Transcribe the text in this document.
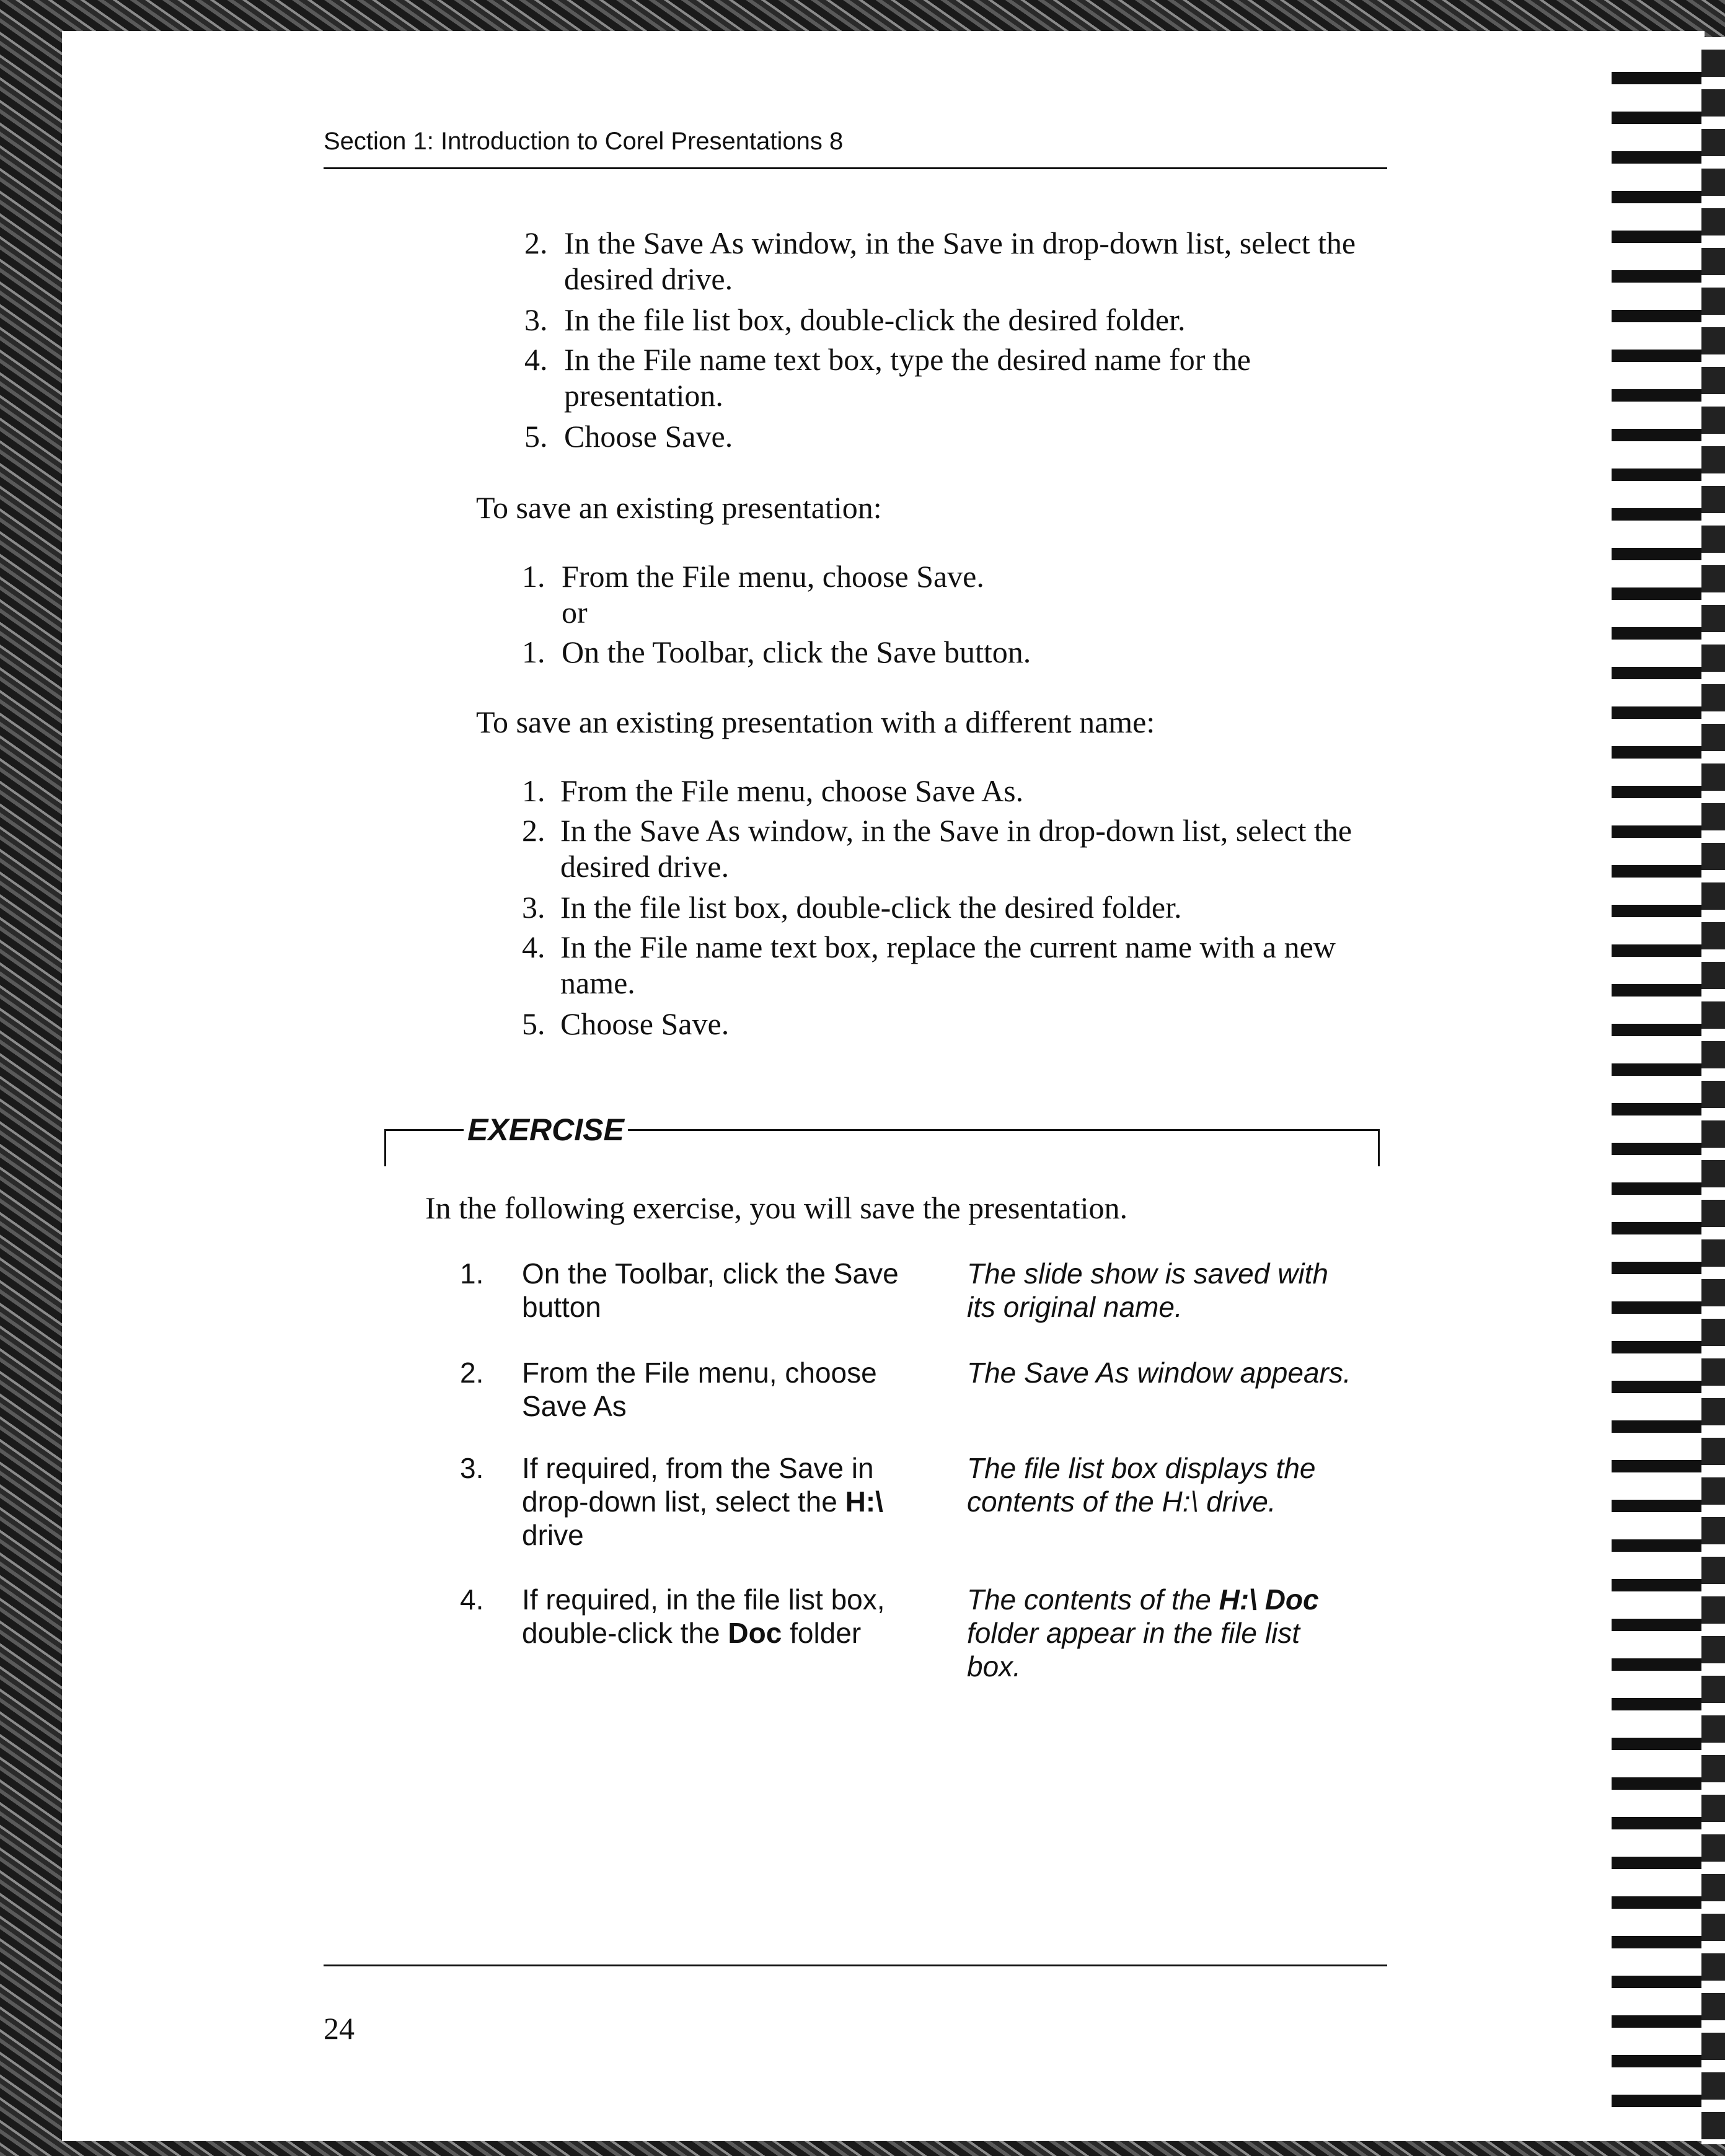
Section 1: Introduction to Corel Presentations 8
2. In the Save As window, in the Save in drop-down list, select the
desired drive.
3. In the file list box, double-click the desired folder.
4. In the File name text box, type the desired name for the
presentation.
5. Choose Save.
To save an existing presentation:
1. From the File menu, choose Save.
or
1. On the Toolbar, click the Save button.
To save an existing presentation with a different name:
1. From the File menu, choose Save As.
2. In the Save As window, in the Save in drop-down list, select the
desired drive.
3. In the file list box, double-click the desired folder.
4. In the File name text box, replace the current name with a new
name.
5. Choose Save.
EXERCISE
In the following exercise, you will save the presentation.
1. On the Toolbar, click the Save
button
The slide show is saved with
its original name.
2. From the File menu, choose
Save As
The Save As window appears.
3. If required, from the Save in
drop-down list, select the H:\
drive
The file list box displays the
contents of the H:\ drive.
4. If required, in the file list box,
double-click the Doc folder
The contents of the H:\ Doc
folder appear in the file list
box.
24
